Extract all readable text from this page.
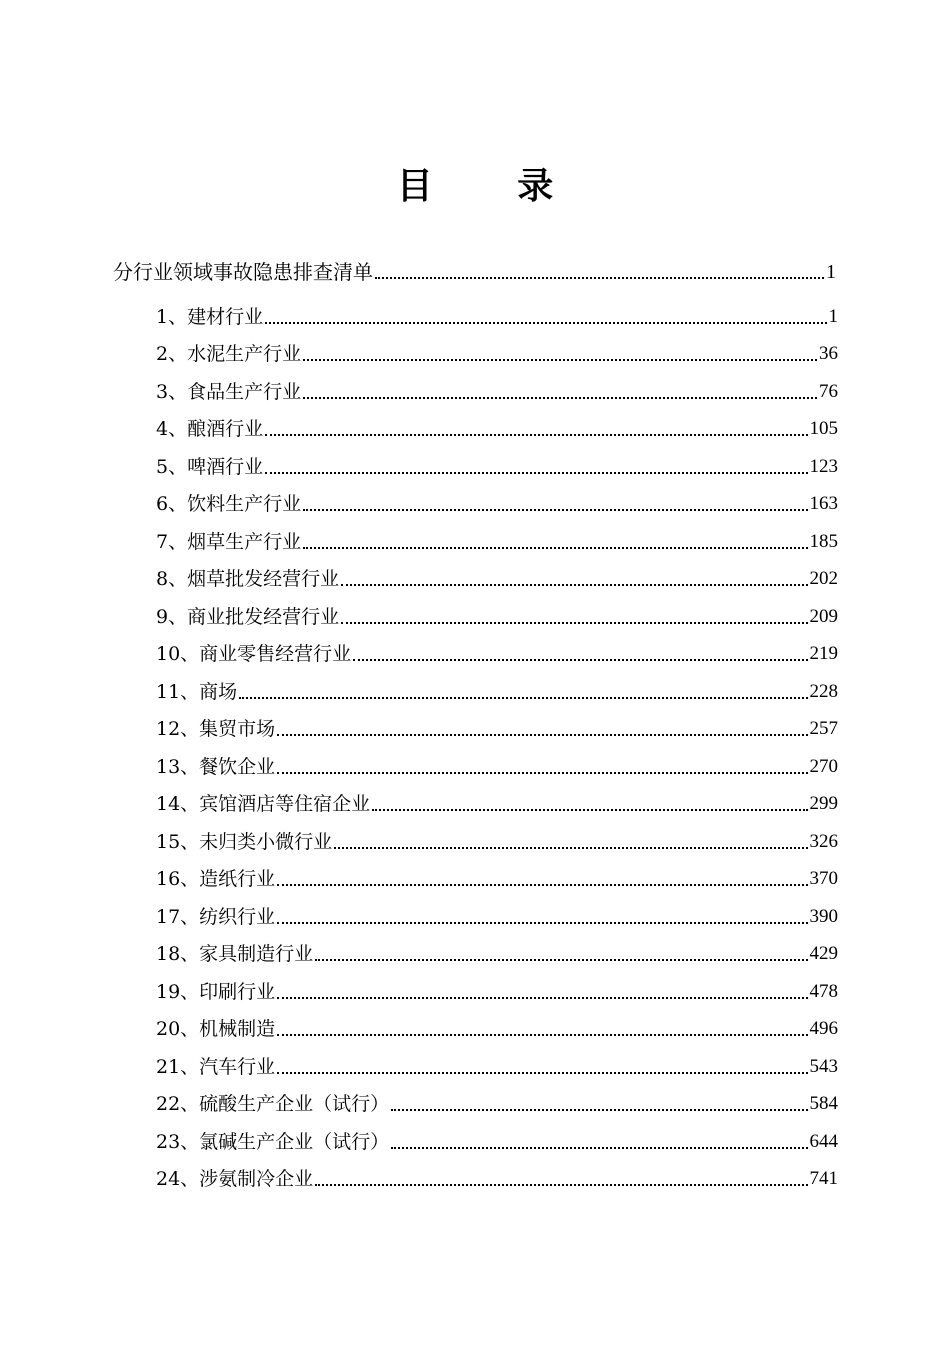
目 录
分行业领域事故隐患排查清单	1
1、建材行业	1
2、水泥生产行业	36
3、食品生产行业	76
4、酿酒行业	105
5、啤酒行业	123
6、饮料生产行业	163
7、烟草生产行业	185
8、烟草批发经营行业	202
9、商业批发经营行业	209
10、商业零售经营行业	219
11、商场	228
12、集贸市场	257
13、餐饮企业	270
14、宾馆酒店等住宿企业	299
15、未归类小微行业	326
16、造纸行业	370
17、纺织行业	390
18、家具制造行业	429
19、印刷行业	478
20、机械制造	496
21、汽车行业	543
22、硫酸生产企业（试行）	584
23、氯碱生产企业（试行）	644
24、涉氨制冷企业	741
